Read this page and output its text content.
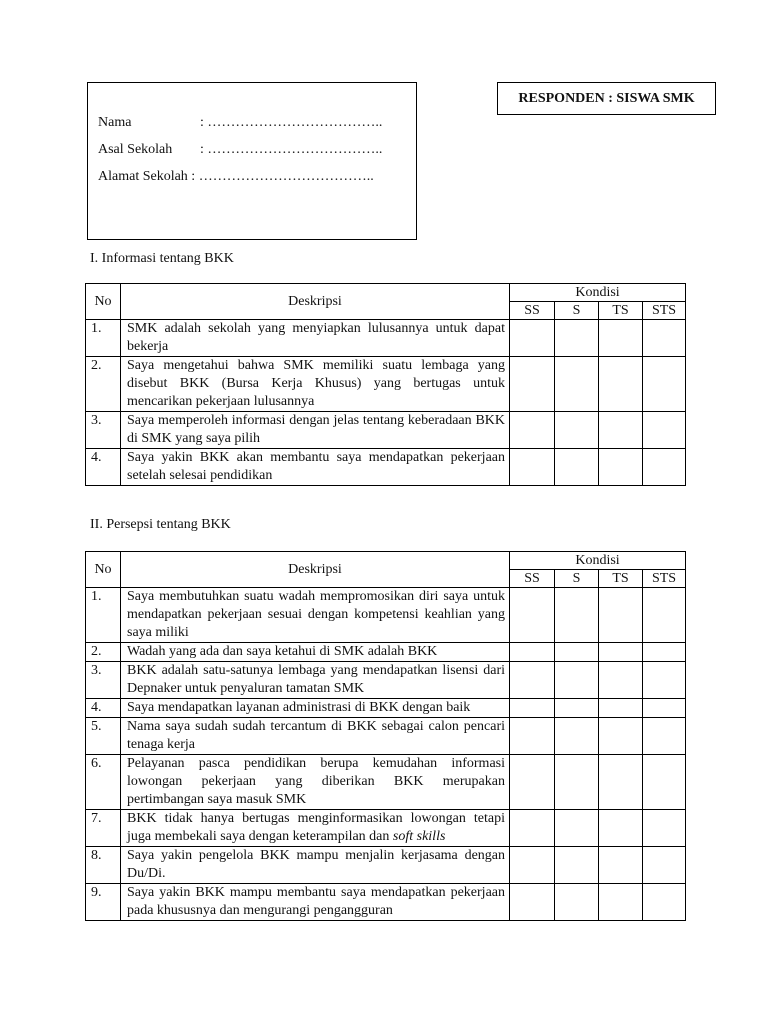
Nama	: ………………………………..
Asal Sekolah : ………………………………..
Alamat Sekolah : ………………………………..
RESPONDEN : SISWA SMK
I. Informasi tentang BKK
No	Deskripsi	Kondisi			
		SS	S	TS	STS
1.	SMK adalah sekolah yang menyiapkan lulusannya untuk dapat bekerja				
2.	Saya mengetahui bahwa SMK memiliki suatu lembaga yang disebut BKK (Bursa Kerja Khusus) yang bertugas untuk mencarikan pekerjaan lulusannya				
3.	Saya memperoleh informasi dengan jelas tentang keberadaan BKK di SMK yang saya pilih				
4.	Saya yakin BKK akan membantu saya mendapatkan pekerjaan setelah selesai pendidikan				
II. Persepsi tentang BKK
No	Deskripsi	Kondisi			
		SS	S	TS	STS
1.	Saya membutuhkan suatu wadah mempromosikan diri saya untuk mendapatkan pekerjaan sesuai dengan kompetensi keahlian yang saya miliki				
2.	Wadah yang ada dan saya ketahui di SMK adalah BKK				
3.	BKK adalah satu-satunya lembaga yang mendapatkan lisensi dari Depnaker untuk penyaluran tamatan SMK				
4.	Saya mendapatkan layanan administrasi di BKK dengan baik				
5.	Nama saya sudah sudah tercantum di BKK sebagai calon pencari tenaga kerja				
6.	Pelayanan pasca pendidikan berupa kemudahan informasi lowongan pekerjaan yang diberikan BKK merupakan pertimbangan saya masuk SMK				
7.	BKK tidak hanya bertugas menginformasikan lowongan tetapi juga membekali saya dengan keterampilan dan soft skills				
8.	Saya yakin pengelola BKK mampu menjalin kerjasama dengan Du/Di.				
9.	Saya yakin BKK mampu membantu saya mendapatkan pekerjaan pada khususnya dan mengurangi pengangguran				
